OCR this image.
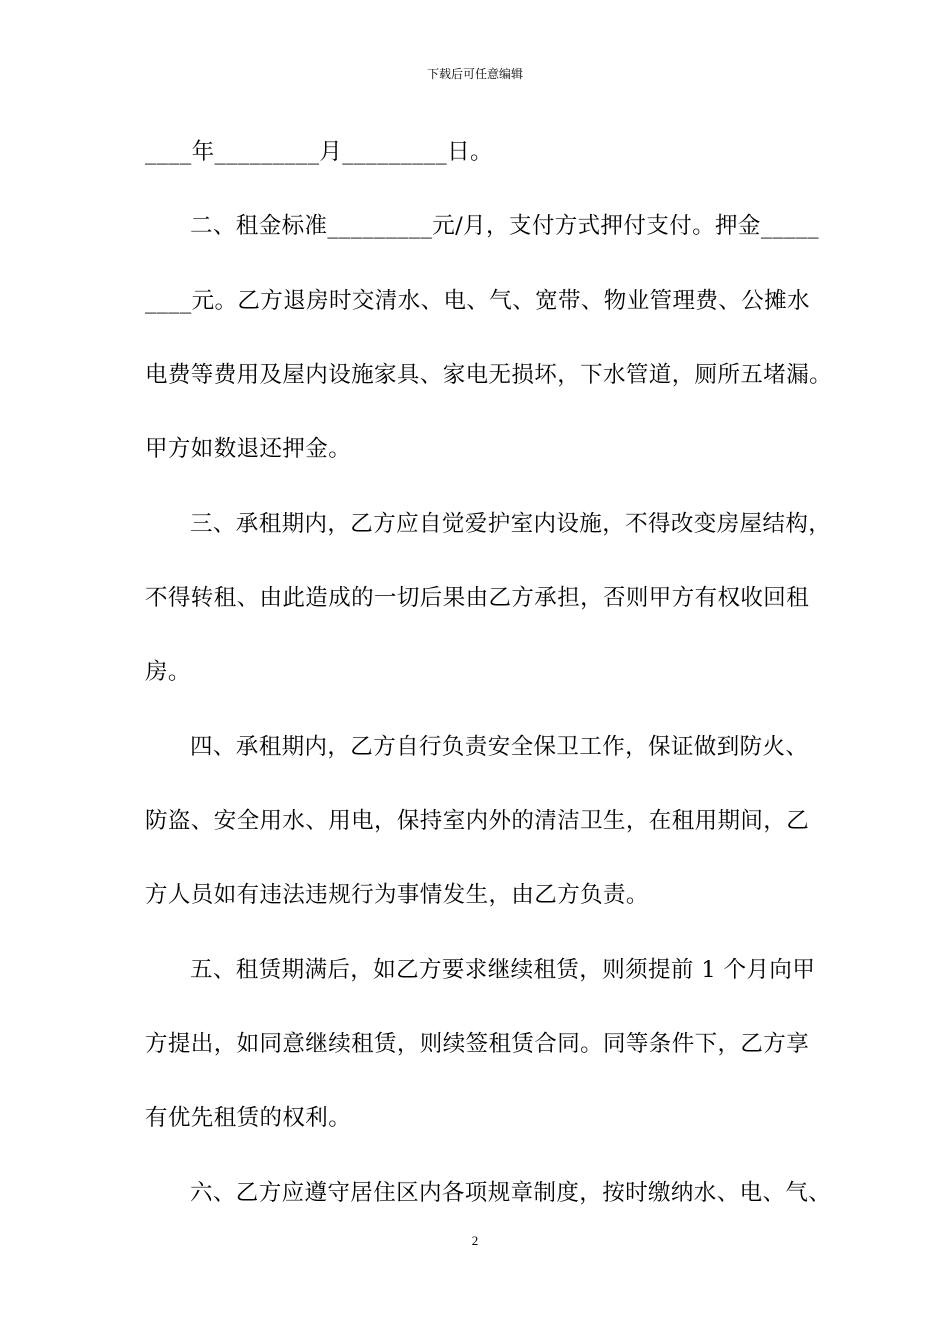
下载后可任意编辑
____年_________月_________日。
二、租金标准_________元/月，支付方式押付支付。押金_____
____元。乙方退房时交清水、电、气、宽带、物业管理费、公摊水
电费等费用及屋内设施家具、家电无损坏，下水管道，厕所五堵漏。
甲方如数退还押金。
三、承租期内，乙方应自觉爱护室内设施，不得改变房屋结构，
不得转租、由此造成的一切后果由乙方承担，否则甲方有权收回租
房。
四、承租期内，乙方自行负责安全保卫工作，保证做到防火、
防盗、安全用水、用电，保持室内外的清洁卫生，在租用期间，乙
方人员如有违法违规行为事情发生，由乙方负责。
五、租赁期满后，如乙方要求继续租赁，则须提前 1 个月向甲
方提出，如同意继续租赁，则续签租赁合同。同等条件下，乙方享
有优先租赁的权利。
六、乙方应遵守居住区内各项规章制度，按时缴纳水、电、气、
2
